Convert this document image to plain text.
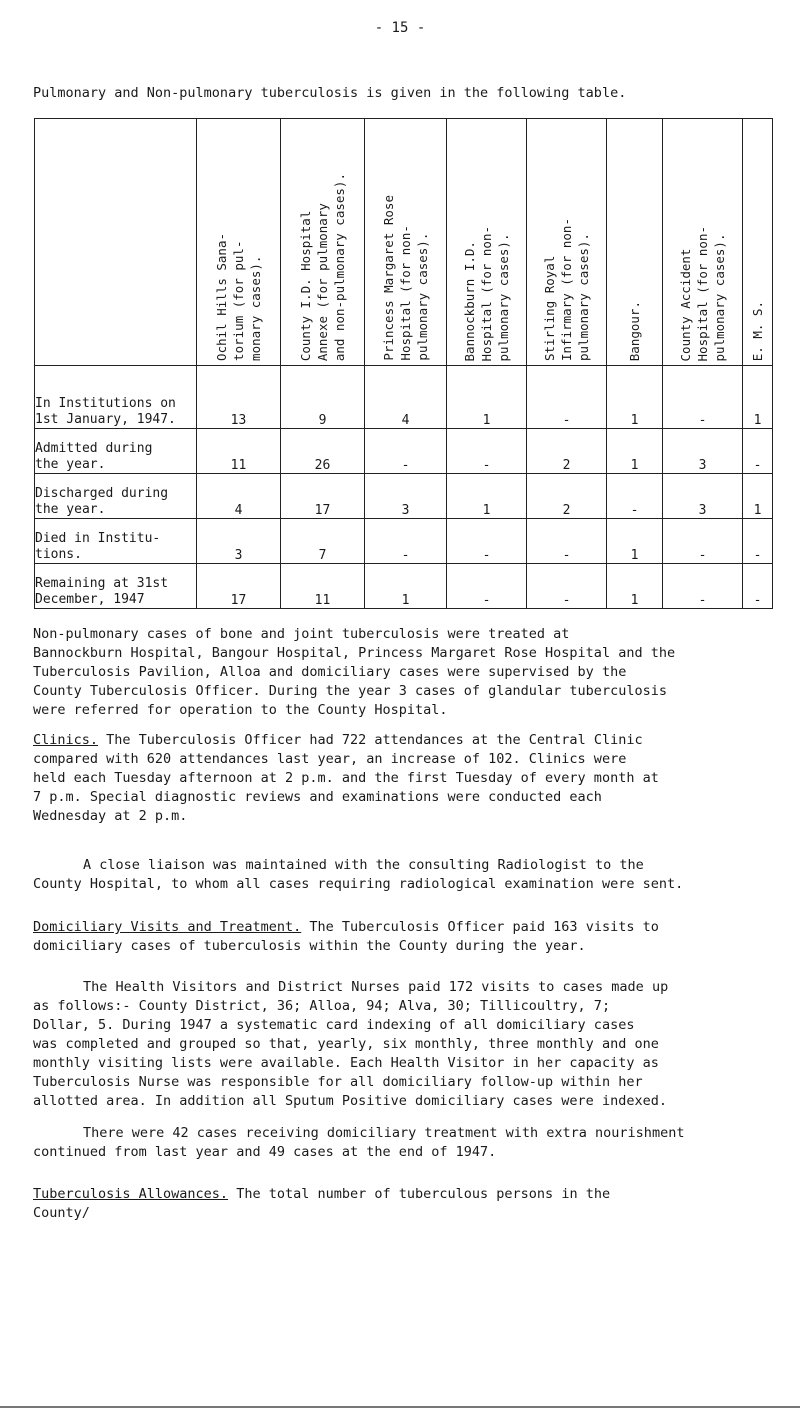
- 15 -
Pulmonary and Non-pulmonary tuberculosis is given in the following table.

	Ochil Hills Sana-
torium (for pul-
monary cases).	County I.D. Hospital
Annexe (for pulmonary
and non-pulmonary cases).	Princess Margaret Rose
Hospital (for non-
pulmonary cases).	Bannockburn I.D.
Hospital (for non-
pulmonary cases).	Stirling Royal
Infirmary (for non-
pulmonary cases).	Bangour.	County Accident
Hospital (for non-
pulmonary cases).	E. M. S.

In Institutions on
1st January, 1947.	13	9	4	1	-	1	-	1
Admitted during
the year.	11	26	-	-	2	1	3	-
Discharged during
the year.	4	17	3	1	2	-	3	1
Died in Institu-
tions.	3	7	-	-	-	1	-	-
Remaining at 31st
December, 1947	17	11	1	-	-	1	-	-
Non-pulmonary cases of bone and joint tuberculosis were treated at
Bannockburn Hospital, Bangour Hospital, Princess Margaret Rose Hospital and the
Tuberculosis Pavilion, Alloa and domiciliary cases were supervised by the
County Tuberculosis Officer. During the year 3 cases of glandular tuberculosis
were referred for operation to the County Hospital.
Clinics. The Tuberculosis Officer had 722 attendances at the Central Clinic
compared with 620 attendances last year, an increase of 102. Clinics were
held each Tuesday afternoon at 2 p.m. and the first Tuesday of every month at
7 p.m. Special diagnostic reviews and examinations were conducted each
Wednesday at 2 p.m.
A close liaison was maintained with the consulting Radiologist to the
County Hospital, to whom all cases requiring radiological examination were sent.
Domiciliary Visits and Treatment. The Tuberculosis Officer paid 163 visits to
domiciliary cases of tuberculosis within the County during the year.
The Health Visitors and District Nurses paid 172 visits to cases made up
as follows:- County District, 36; Alloa, 94; Alva, 30; Tillicoultry, 7;
Dollar, 5. During 1947 a systematic card indexing of all domiciliary cases
was completed and grouped so that, yearly, six monthly, three monthly and one
monthly visiting lists were available. Each Health Visitor in her capacity as
Tuberculosis Nurse was responsible for all domiciliary follow-up within her
allotted area. In addition all Sputum Positive domiciliary cases were indexed.
There were 42 cases receiving domiciliary treatment with extra nourishment
continued from last year and 49 cases at the end of 1947.
Tuberculosis Allowances. The total number of tuberculous persons in the
County/
